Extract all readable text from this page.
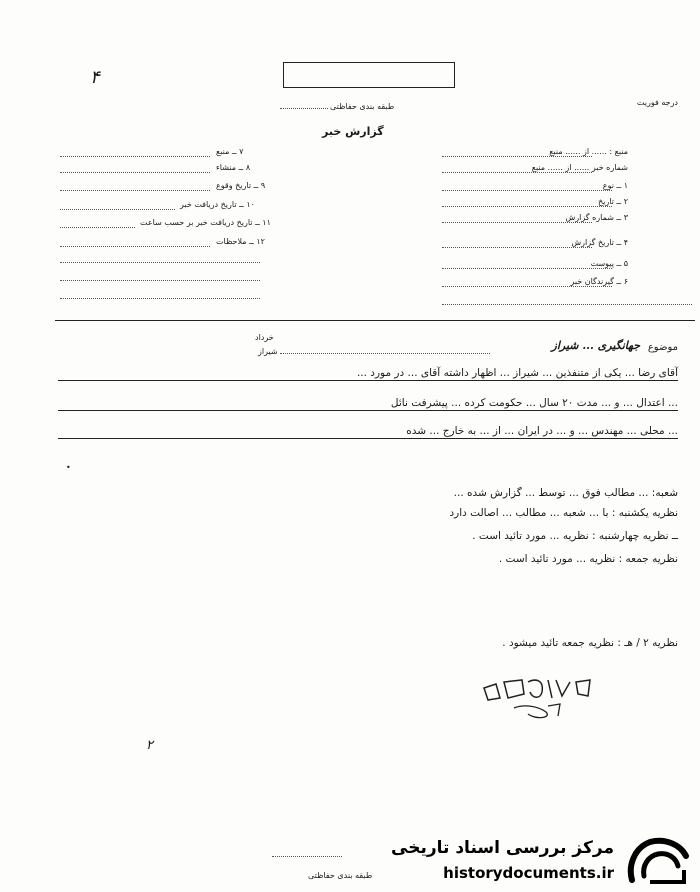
۴
درجه فوریت
طبقه بندی حفاظتی
گزارش خبر
منبع : ...... از ...... منبع
شماره خبر ...... از ...... منبع
۱ ــ نوع
۲ ــ تاریخ
۳ ــ شماره گزارش
۴ ــ تاریخ گزارش
۵ ــ پیوست
۶ ــ گیرندگان خبر
۷ ــ منبع
۸ ــ منشاء
۹ ــ تاریخ وقوع
۱۰ ــ تاریخ دریافت خبر
۱۱ ــ تاریخ دریافت خبر بر حسب ساعت
۱۲ ــ ملاحظات
خرداد
شیراز	موضوع
جهانگیری ... شیراز
آقای رضا ... یکی از متنفذین ... شیراز ... اظهار داشته آقای ... در مورد ...
... اعتدال ... و ... مدت ۲۰ سال ... حکومت کرده ... پیشرفت نائل
... محلی ... مهندس ... و ... در ایران ... از ... به خارج ... شده
•
شعبه: ... مطالب فوق ... توسط ... گزارش شده ...
نظریه یکشنبه : با ... شعبه ... مطالب ... اصالت دارد
ــ نظریه چهارشنبه : نظریه ... مورد تائید است .
نظریه جمعه : نظریه ... مورد تائید است .
نظریه ۲ / هـ : نظریه جمعه تائید میشود .
۲
طبقه بندی حفاظتی
مرکز بررسی اسناد تاریخی
historydocuments.ir
